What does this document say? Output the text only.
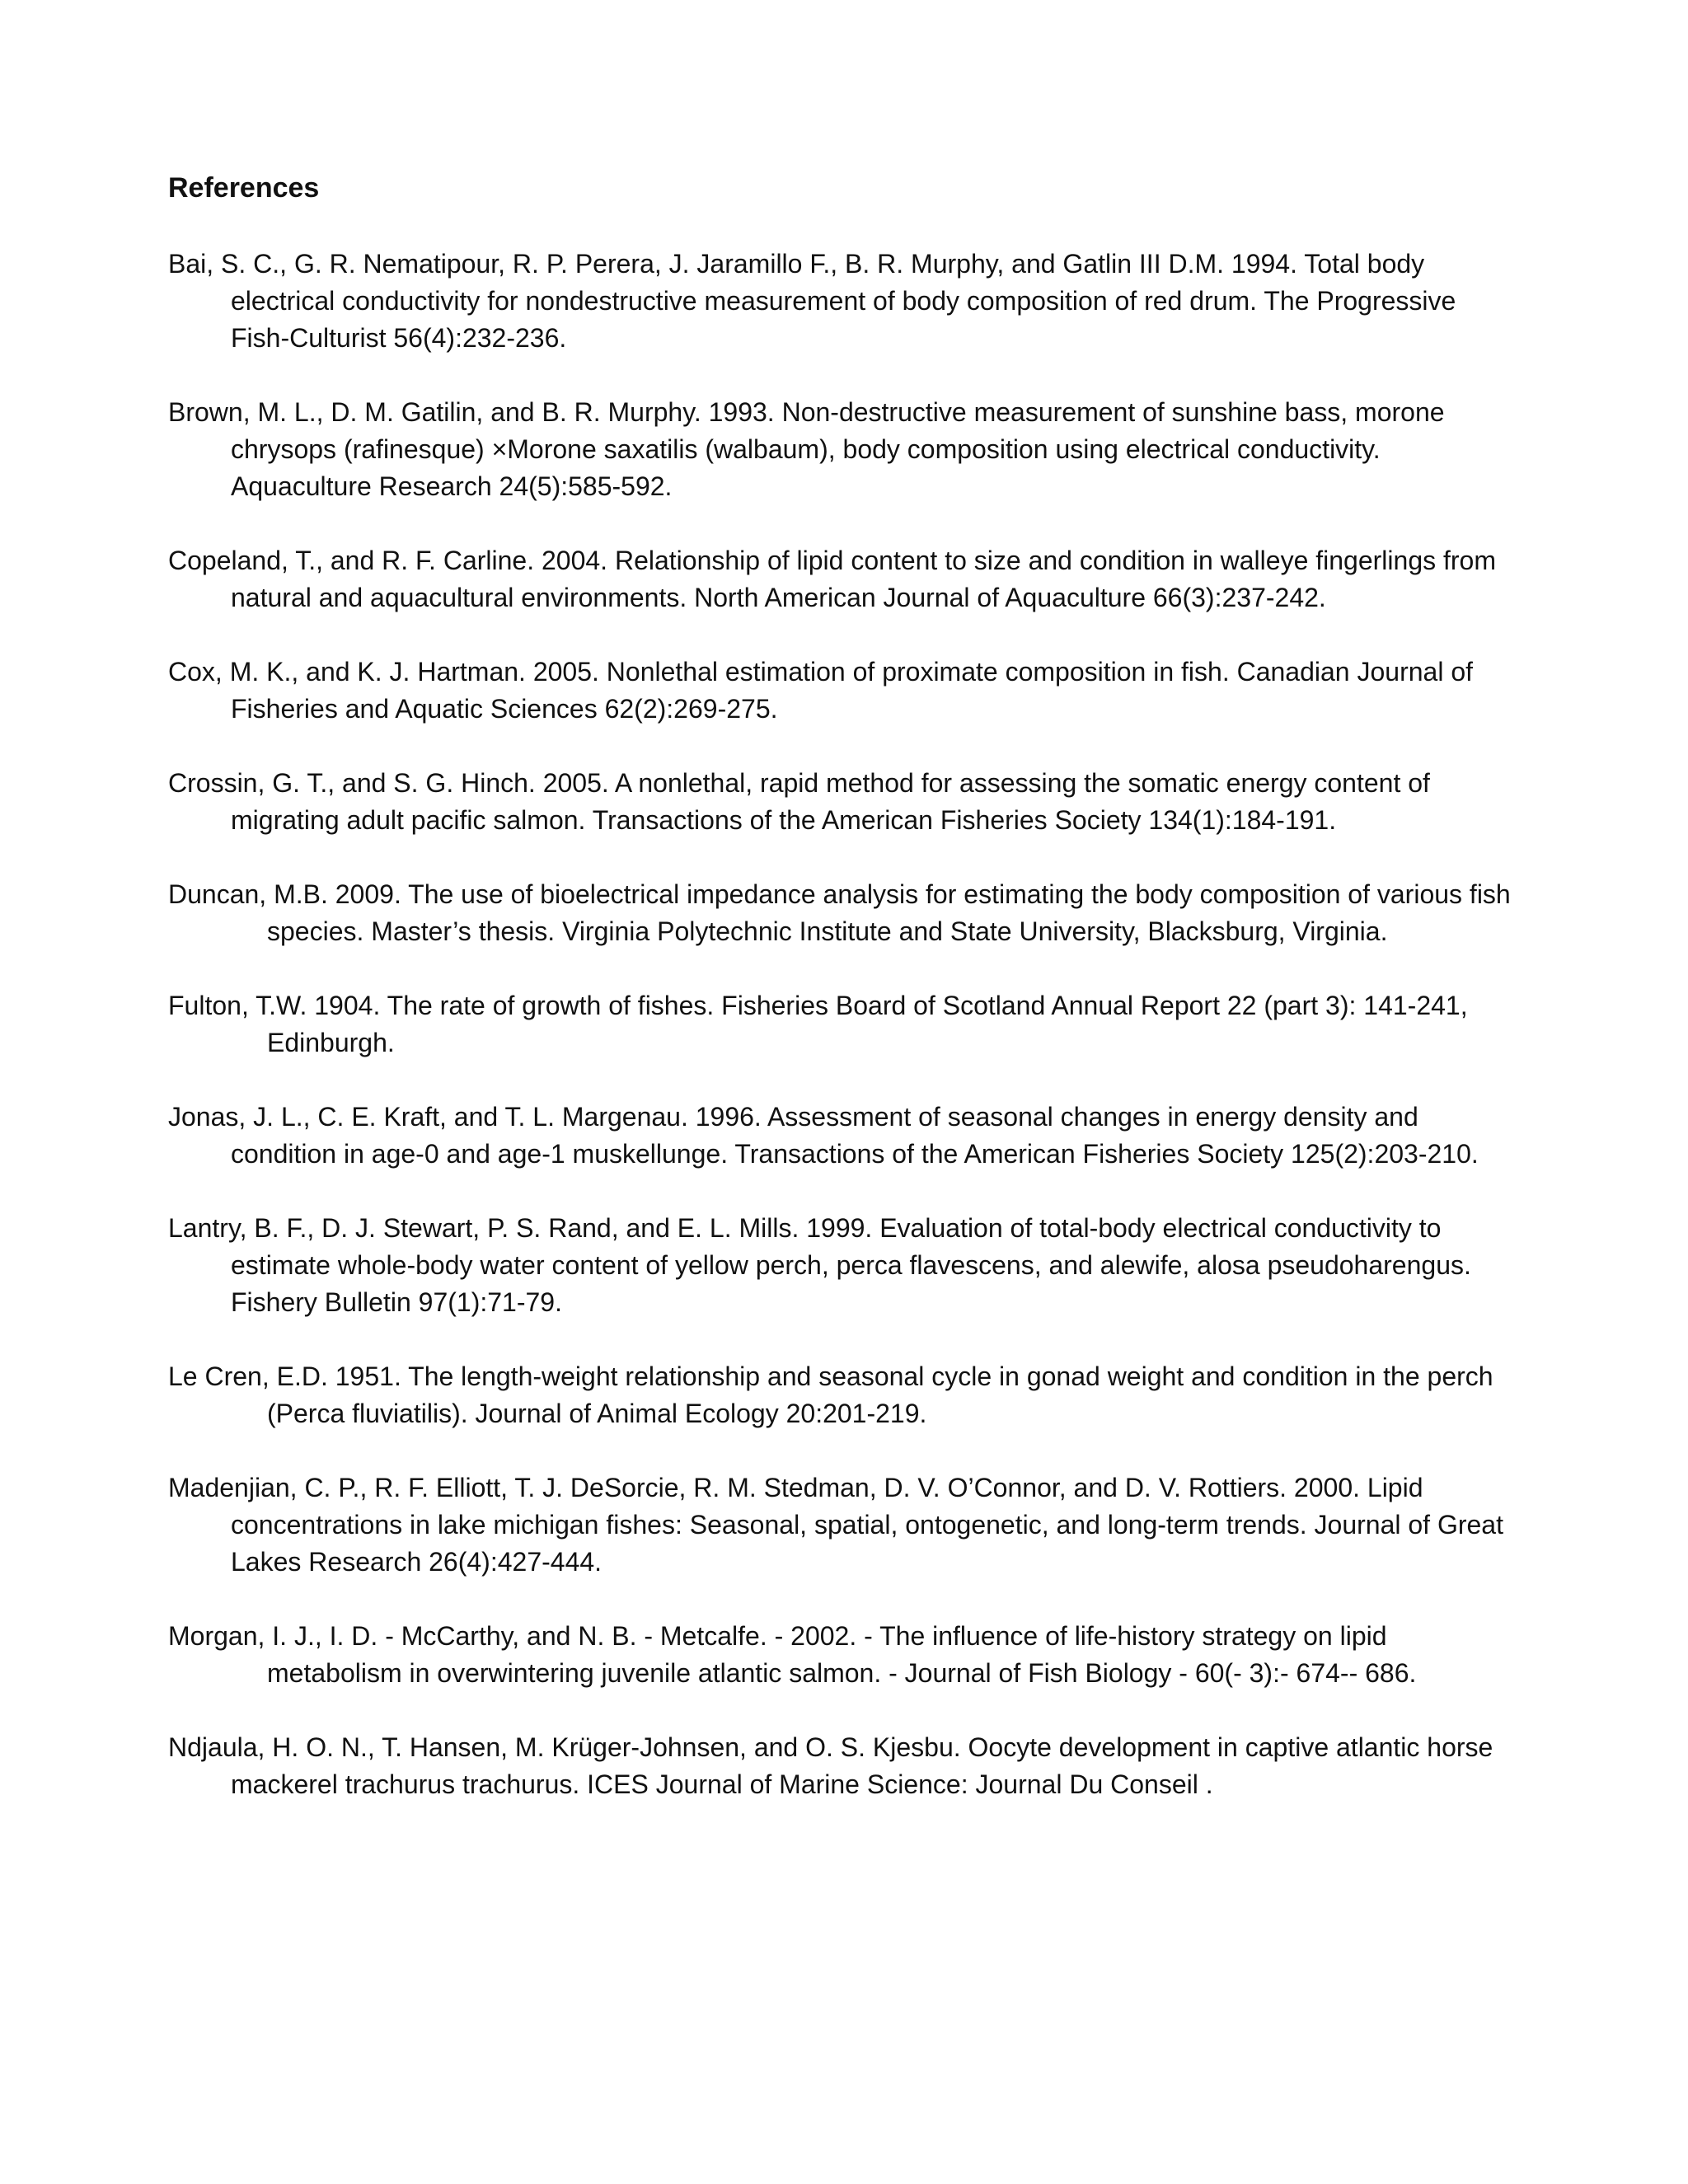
References

Bai, S. C., G. R. Nematipour, R. P. Perera, J. Jaramillo F., B. R. Murphy, and Gatlin III D.M. 1994. Total body electrical conductivity for nondestructive measurement of body composition of red drum. The Progressive Fish-Culturist 56(4):232-236.

Brown, M. L., D. M. Gatilin, and B. R. Murphy. 1993. Non-destructive measurement of sunshine bass, morone chrysops (rafinesque) ×Morone saxatilis (walbaum), body composition using electrical conductivity. Aquaculture Research 24(5):585-592.

Copeland, T., and R. F. Carline. 2004. Relationship of lipid content to size and condition in walleye fingerlings from natural and aquacultural environments. North American Journal of Aquaculture 66(3):237-242.

Cox, M. K., and K. J. Hartman. 2005. Nonlethal estimation of proximate composition in fish. Canadian Journal of Fisheries and Aquatic Sciences 62(2):269-275.

Crossin, G. T., and S. G. Hinch. 2005. A nonlethal, rapid method for assessing the somatic energy content of migrating adult pacific salmon. Transactions of the American Fisheries Society 134(1):184-191.

Duncan, M.B. 2009. The use of bioelectrical impedance analysis for estimating the body composition of various fish species. Master’s thesis. Virginia Polytechnic Institute and State University, Blacksburg, Virginia.

Fulton, T.W. 1904. The rate of growth of fishes. Fisheries Board of Scotland Annual Report 22 (part 3): 141-241, Edinburgh.

Jonas, J. L., C. E. Kraft, and T. L. Margenau. 1996. Assessment of seasonal changes in energy density and condition in age-0 and age-1 muskellunge. Transactions of the American Fisheries Society 125(2):203-210.

Lantry, B. F., D. J. Stewart, P. S. Rand, and E. L. Mills. 1999. Evaluation of total-body electrical conductivity to estimate whole-body water content of yellow perch, perca flavescens, and alewife, alosa pseudoharengus. Fishery Bulletin 97(1):71-79.

Le Cren, E.D. 1951. The length-weight relationship and seasonal cycle in gonad weight and condition in the perch (Perca fluviatilis). Journal of Animal Ecology 20:201-219.

Madenjian, C. P., R. F. Elliott, T. J. DeSorcie, R. M. Stedman, D. V. O’Connor, and D. V. Rottiers. 2000. Lipid concentrations in lake michigan fishes: Seasonal, spatial, ontogenetic, and long-term trends. Journal of Great Lakes Research 26(4):427-444.

Morgan, I. J., I. D. - McCarthy, and N. B. - Metcalfe. - 2002. - The influence of life-history strategy on lipid metabolism in overwintering juvenile atlantic salmon. - Journal of Fish Biology - 60(- 3):- 674-- 686.

Ndjaula, H. O. N., T. Hansen, M. Krüger-Johnsen, and O. S. Kjesbu. Oocyte development in captive atlantic horse mackerel trachurus trachurus. ICES Journal of Marine Science: Journal Du Conseil .
